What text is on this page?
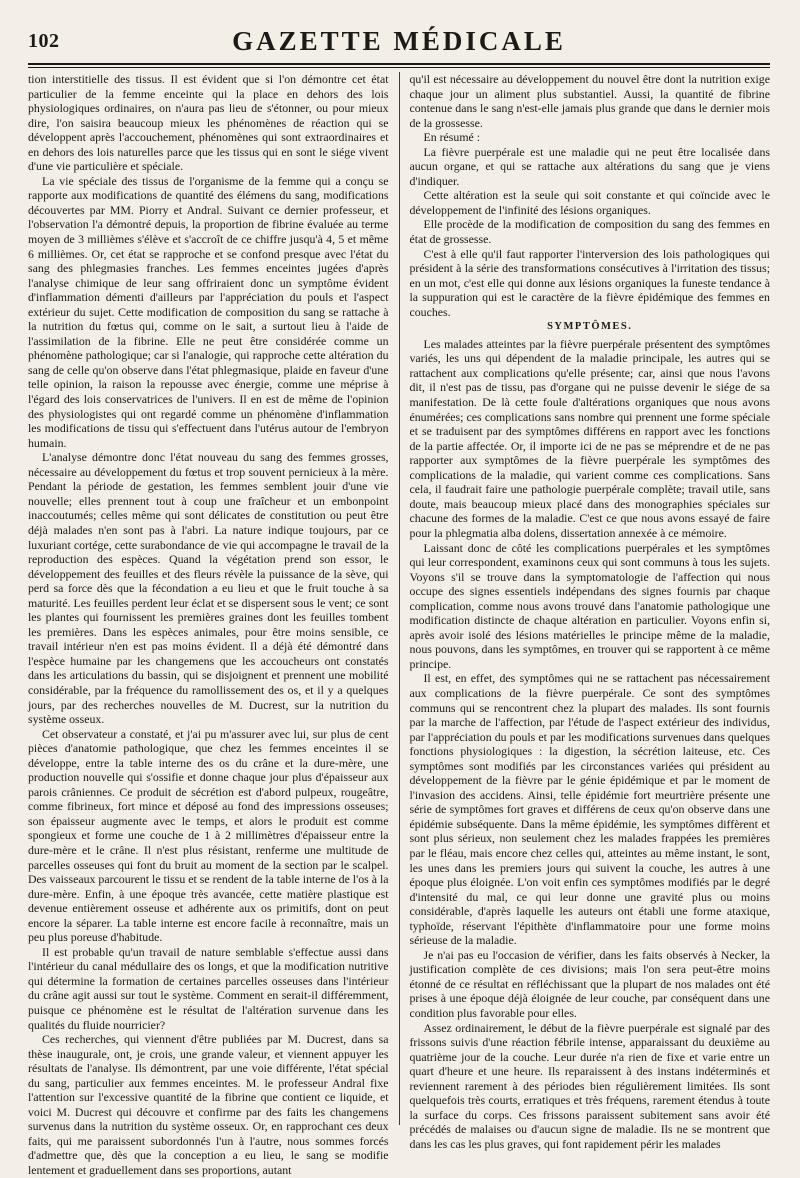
102	GAZETTE MÉDICALE

tion interstitielle des tissus. Il est évident que si l'on démontre cet état particulier de la femme enceinte qui la place en dehors des lois physiologiques ordinaires, on n'aura pas lieu de s'étonner, ou pour mieux dire, l'on saisira beaucoup mieux les phénomènes de réaction qui se développent après l'accouchement, phénomènes qui sont extraordinaires et en dehors des lois naturelles parce que les tissus qui en sont le siége vivent d'une vie particulière et spéciale.

La vie spéciale des tissus de l'organisme de la femme qui a conçu se rapporte aux modifications de quantité des élémens du sang, modifications découvertes par MM. Piorry et Andral. Suivant ce dernier professeur, et l'observation l'a démontré depuis, la proportion de fibrine évaluée au terme moyen de 3 millièmes s'élève et s'accroît de ce chiffre jusqu'à 4, 5 et même 6 millièmes. Or, cet état se rapproche et se confond presque avec l'état du sang des phlegmasies franches. Les femmes enceintes jugées d'après l'analyse chimique de leur sang offriraient donc un symptôme évident d'inflammation démenti d'ailleurs par l'appréciation du pouls et l'aspect extérieur du sujet. Cette modification de composition du sang se rattache à la nutrition du fœtus qui, comme on le sait, a surtout lieu à l'aide de l'assimilation de la fibrine. Elle ne peut être considérée comme un phénomène pathologique; car si l'analogie, qui rapproche cette altération du sang de celle qu'on observe dans l'état phlegmasique, plaide en faveur d'une telle opinion, la raison la repousse avec énergie, comme une méprise à l'égard des lois conservatrices de l'univers. Il en est de même de l'opinion des physiologistes qui ont regardé comme un phénomène d'inflammation les modifications de tissu qui s'effectuent dans l'utérus autour de l'embryon humain.

L'analyse démontre donc l'état nouveau du sang des femmes grosses, nécessaire au développement du fœtus et trop souvent pernicieux à la mère. Pendant la période de gestation, les femmes semblent jouir d'une vie nouvelle; elles prennent tout à coup une fraîcheur et un embonpoint inaccoutumés; celles même qui sont délicates de constitution ou peut être déjà malades n'en sont pas à l'abri. La nature indique toujours, par ce luxuriant cortége, cette surabondance de vie qui accompagne le travail de la reproduction des espèces. Quand la végétation prend son essor, le développement des feuilles et des fleurs révèle la puissance de la sève, qui perd sa force dès que la fécondation a eu lieu et que le fruit touche à sa maturité. Les feuilles perdent leur éclat et se dispersent sous le vent; ce sont les plantes qui fournissent les premières graines dont les feuilles tombent les premières. Dans les espèces animales, pour être moins sensible, ce travail intérieur n'en est pas moins évident. Il a déjà été démontré dans l'espèce humaine par les changemens que les accoucheurs ont constatés dans les articulations du bassin, qui se disjoignent et prennent une mobilité considérable, par la fréquence du ramollissement des os, et il y a quelques jours, par des recherches nouvelles de M. Ducrest, sur la nutrition du système osseux.

Cet observateur a constaté, et j'ai pu m'assurer avec lui, sur plus de cent pièces d'anatomie pathologique, que chez les femmes enceintes il se développe, entre la table interne des os du crâne et la dure-mère, une production nouvelle qui s'ossifie et donne chaque jour plus d'épaisseur aux parois crâniennes. Ce produit de sécrétion est d'abord pulpeux, rougeâtre, comme fibrineux, fort mince et déposé au fond des impressions osseuses; son épaisseur augmente avec le temps, et alors le produit est comme spongieux et forme une couche de 1 à 2 millimètres d'épaisseur entre la dure-mère et le crâne. Il n'est plus résistant, renferme une multitude de parcelles osseuses qui font du bruit au moment de la section par le scalpel. Des vaisseaux parcourent le tissu et se rendent de la table interne de l'os à la dure-mère. Enfin, à une époque très avancée, cette matière plastique est devenue entièrement osseuse et adhérente aux os primitifs, dont on peut encore la séparer. La table interne est encore facile à reconnaître, mais un peu plus poreuse d'habitude.

Il est probable qu'un travail de nature semblable s'effectue aussi dans l'intérieur du canal médullaire des os longs, et que la modification nutritive qui détermine la formation de certaines parcelles osseuses dans l'intérieur du crâne agit aussi sur tout le système. Comment en serait-il différemment, puisque ce phénomène est le résultat de l'altération survenue dans les qualités du fluide nourricier?

Ces recherches, qui viennent d'être publiées par M. Ducrest, dans sa thèse inaugurale, ont, je crois, une grande valeur, et viennent appuyer les résultats de l'analyse. Ils démontrent, par une voie différente, l'état spécial du sang, particulier aux femmes enceintes. M. le professeur Andral fixe l'attention sur l'excessive quantité de la fibrine que contient ce liquide, et voici M. Ducrest qui découvre et confirme par des faits les changemens survenus dans la nutrition du système osseux. Or, en rapprochant ces deux faits, qui me paraissent subordonnés l'un à l'autre, nous sommes forcés d'admettre que, dès que la conception a eu lieu, le sang se modifie lentement et graduellement dans ses proportions, autant

qu'il est nécessaire au développement du nouvel être dont la nutrition exige chaque jour un aliment plus substantiel. Aussi, la quantité de fibrine contenue dans le sang n'est-elle jamais plus grande que dans le dernier mois de la grossesse.

En résumé :

La fièvre puerpérale est une maladie qui ne peut être localisée dans aucun organe, et qui se rattache aux altérations du sang que je viens d'indiquer.

Cette altération est la seule qui soit constante et qui coïncide avec le développement de l'infinité des lésions organiques.

Elle procède de la modification de composition du sang des femmes en état de grossesse.

C'est à elle qu'il faut rapporter l'interversion des lois pathologiques qui président à la série des transformations consécutives à l'irritation des tissus; en un mot, c'est elle qui donne aux lésions organiques la funeste tendance à la suppuration qui est le caractère de la fièvre épidémique des femmes en couches.

SYMPTÔMES.

Les malades atteintes par la fièvre puerpérale présentent des symptômes variés, les uns qui dépendent de la maladie principale, les autres qui se rattachent aux complications qu'elle présente; car, ainsi que nous l'avons dit, il n'est pas de tissu, pas d'organe qui ne puisse devenir le siége de sa manifestation. De là cette foule d'altérations organiques que nous avons énumérées; ces complications sans nombre qui prennent une forme spéciale et se traduisent par des symptômes différens en rapport avec les fonctions de la partie affectée. Or, il importe ici de ne pas se méprendre et de ne pas rapporter aux symptômes de la fièvre puerpérale les symptômes des complications de la maladie, qui varient comme ces complications. Sans cela, il faudrait faire une pathologie puerpérale complète; travail utile, sans doute, mais beaucoup mieux placé dans des monographies spéciales sur chacune des formes de la maladie. C'est ce que nous avons essayé de faire pour la phlegmatia alba dolens, dissertation annexée à ce mémoire.

Laissant donc de côté les complications puerpérales et les symptômes qui leur correspondent, examinons ceux qui sont communs à tous les sujets. Voyons s'il se trouve dans la symptomatologie de l'affection qui nous occupe des signes essentiels indépendans des signes fournis par chaque complication, comme nous avons trouvé dans l'anatomie pathologique une modification distincte de chaque altération en particulier. Voyons enfin si, après avoir isolé des lésions matérielles le principe même de la maladie, nous pouvons, dans les symptômes, en trouver qui se rapportent à ce même principe.

Il est, en effet, des symptômes qui ne se rattachent pas nécessairement aux complications de la fièvre puerpérale. Ce sont des symptômes communs qui se rencontrent chez la plupart des malades. Ils sont fournis par la marche de l'affection, par l'étude de l'aspect extérieur des individus, par l'appréciation du pouls et par les modifications survenues dans quelques fonctions physiologiques : la digestion, la sécrétion laiteuse, etc. Ces symptômes sont modifiés par les circonstances variées qui président au développement de la fièvre par le génie épidémique et par le moment de l'invasion des accidens. Ainsi, telle épidémie fort meurtrière présente une série de symptômes fort graves et différens de ceux qu'on observe dans une épidémie subséquente. Dans la même épidémie, les symptômes diffèrent et sont plus sérieux, non seulement chez les malades frappées les premières par le fléau, mais encore chez celles qui, atteintes au même instant, le sont, les unes dans les premiers jours qui suivent la couche, les autres à une époque plus éloignée. L'on voit enfin ces symptômes modifiés par le degré d'intensité du mal, ce qui leur donne une gravité plus ou moins considérable, d'après laquelle les auteurs ont établi une forme ataxique, typhoïde, réservant l'épithète d'inflammatoire pour une forme moins sérieuse de la maladie.

Je n'ai pas eu l'occasion de vérifier, dans les faits observés à Necker, la justification complète de ces divisions; mais l'on sera peut-être moins étonné de ce résultat en réfléchissant que la plupart de nos malades ont été prises à une époque déjà éloignée de leur couche, par conséquent dans une condition plus favorable pour elles.

Assez ordinairement, le début de la fièvre puerpérale est signalé par des frissons suivis d'une réaction fébrile intense, apparaissant du deuxième au quatrième jour de la couche. Leur durée n'a rien de fixe et varie entre un quart d'heure et une heure. Ils reparaissent à des instans indéterminés et reviennent rarement à des périodes bien régulièrement limitées. Ils sont quelquefois très courts, erratiques et très fréquens, rarement étendus à toute la surface du corps. Ces frissons paraissent subitement sans avoir été précédés de malaises ou d'aucun signe de maladie. Ils ne se montrent que dans les cas les plus graves, qui font rapidement périr les malades
